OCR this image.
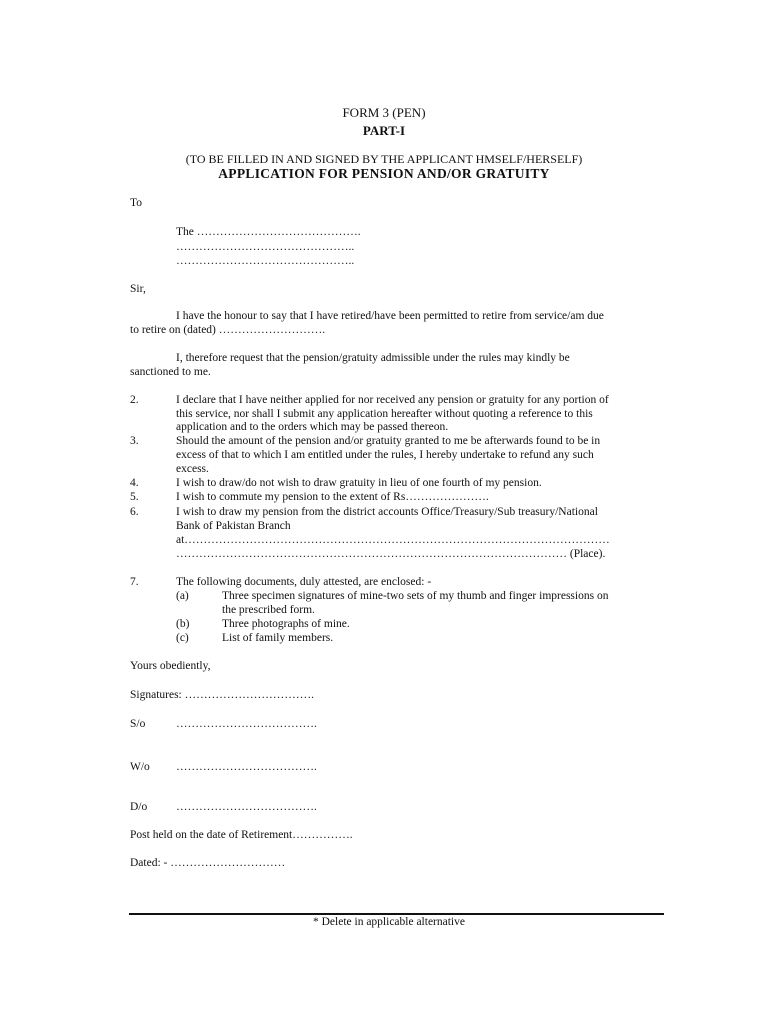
FORM 3 (PEN)
PART-I
(TO BE FILLED IN AND SIGNED BY THE APPLICANT HMSELF/HERSELF)
APPLICATION FOR PENSION AND/OR GRATUITY
To
The …………………………………….
………………………………………..
………………………………………..
Sir,
I have the honour to say that I have retired/have been permitted to retire from service/am due
to retire on (dated) ……………………….
I, therefore request that the pension/gratuity admissible under the rules may kindly be
sanctioned to me.
2.	I declare that I have neither applied for nor received any pension or gratuity for any portion of
this service, nor shall I submit any application hereafter without quoting a reference to this
application and to the orders which may be passed thereon.
3.	Should the amount of the pension and/or gratuity granted to me be afterwards found to be in
excess of that to which I am entitled under the rules, I hereby undertake to refund any such
excess.
4.	I wish to draw/do not wish to draw gratuity in lieu of one fourth of my pension.
5.	I wish to commute my pension to the extent of Rs………………….
6.	I wish to draw my pension from the district accounts Office/Treasury/Sub treasury/National
Bank of Pakistan Branch
at…………………………………………………………………………………………………
………………………………………………………………………………………… (Place).
7.	The following documents, duly attested, are enclosed: -
(a)	Three specimen signatures of mine-two sets of my thumb and finger impressions on
the prescribed form.
(b)	Three photographs of mine.
(c)	List of family members.
Yours obediently,
Signatures: …………………………….
S/o	……………………………….
W/o ……………………………….
D/o	……………………………….
Post held on the date of Retirement…………….
Dated: - …………………………
* Delete in applicable alternative
